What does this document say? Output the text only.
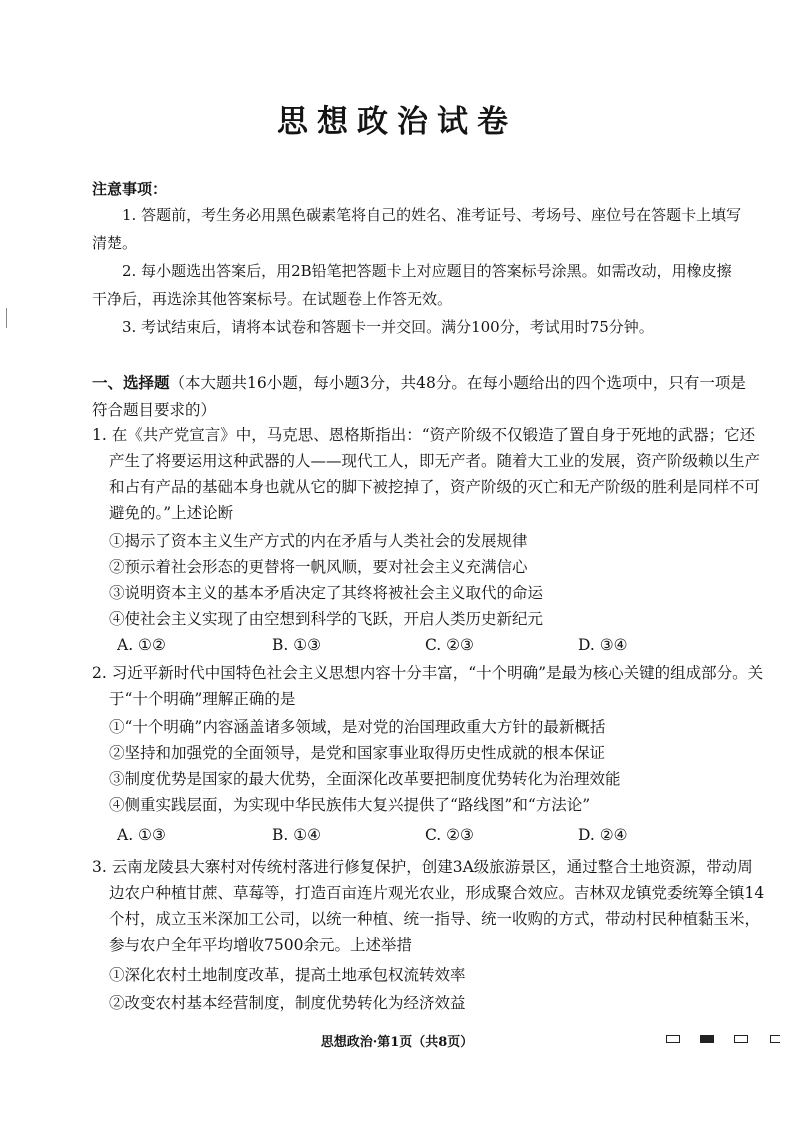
思想政治试卷
注意事项：
1. 答题前，考生务必用黑色碳素笔将自己的姓名、准考证号、考场号、座位号在答题卡上填写清楚。
2. 每小题选出答案后，用2B铅笔把答题卡上对应题目的答案标号涂黑。如需改动，用橡皮擦干净后，再选涂其他答案标号。在试题卷上作答无效。
3. 考试结束后，请将本试卷和答题卡一并交回。满分100分，考试用时75分钟。
一、选择题（本大题共16小题，每小题3分，共48分。在每小题给出的四个选项中，只有一项是符合题目要求的）
1. 在《共产党宣言》中，马克思、恩格斯指出：“资产阶级不仅锻造了置自身于死地的武器；它还产生了将要运用这种武器的人——现代工人，即无产者。随着大工业的发展，资产阶级赖以生产和占有产品的基础本身也就从它的脚下被挖掉了，资产阶级的灭亡和无产阶级的胜利是同样不可避免的。”上述论断
①揭示了资本主义生产方式的内在矛盾与人类社会的发展规律
②预示着社会形态的更替将一帆风顺，要对社会主义充满信心
③说明资本主义的基本矛盾决定了其终将被社会主义取代的命运
④使社会主义实现了由空想到科学的飞跃，开启人类历史新纪元
A. ①②	B. ①③	C. ②③	D. ③④
2. 习近平新时代中国特色社会主义思想内容十分丰富，“十个明确”是最为核心关键的组成部分。关于“十个明确”理解正确的是
①“十个明确”内容涵盖诸多领域，是对党的治国理政重大方针的最新概括
②坚持和加强党的全面领导，是党和国家事业取得历史性成就的根本保证
③制度优势是国家的最大优势，全面深化改革要把制度优势转化为治理效能
④侧重实践层面，为实现中华民族伟大复兴提供了“路线图”和“方法论”
A. ①③	B. ①④	C. ②③	D. ②④
3. 云南龙陵县大寨村对传统村落进行修复保护，创建3A级旅游景区，通过整合土地资源，带动周边农户种植甘蔗、草莓等，打造百亩连片观光农业，形成聚合效应。吉林双龙镇党委统筹全镇14个村，成立玉米深加工公司，以统一种植、统一指导、统一收购的方式，带动村民种植黏玉米，参与农户全年平均增收7500余元。上述举措
①深化农村土地制度改革，提高土地承包权流转效率
②改变农村基本经营制度，制度优势转化为经济效益
思想政治·第1页（共8页）
